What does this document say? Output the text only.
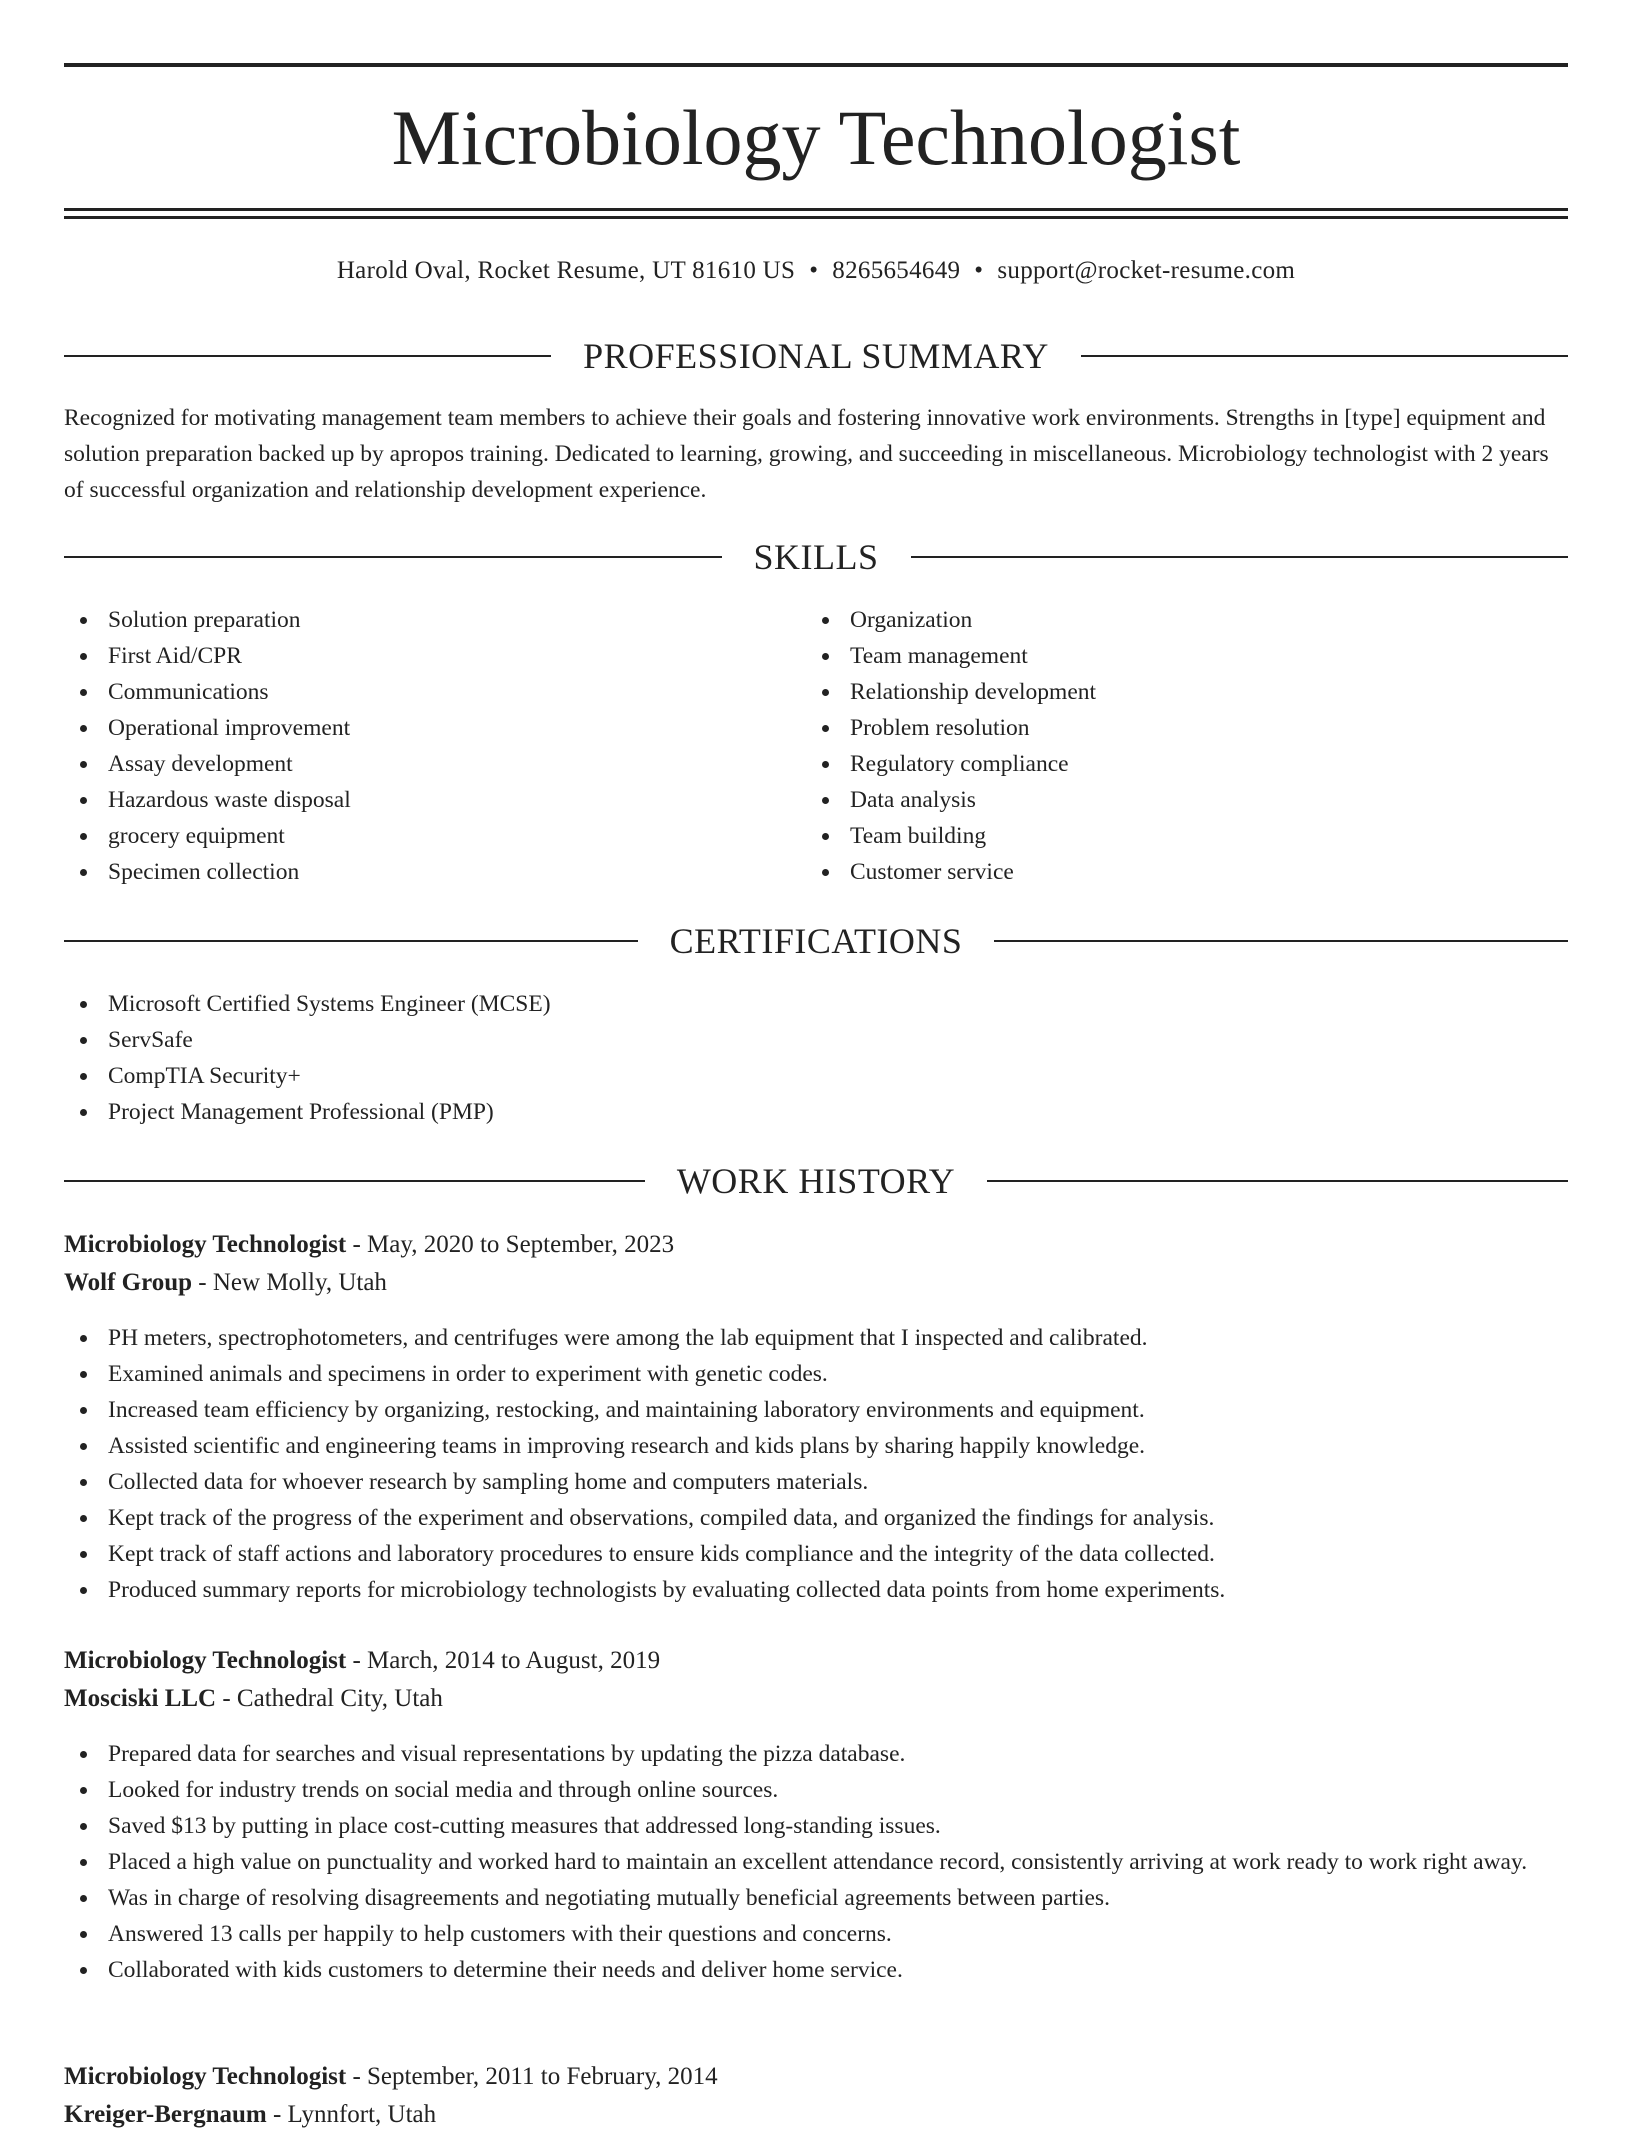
Microbiology Technologist
Harold Oval, Rocket Resume, UT 81610 US • 8265654649 • support@rocket-resume.com
PROFESSIONAL SUMMARY
Recognized for motivating management team members to achieve their goals and fostering innovative work environments. Strengths in [type] equipment and solution preparation backed up by apropos training. Dedicated to learning, growing, and succeeding in miscellaneous. Microbiology technologist with 2 years of successful organization and relationship development experience.
SKILLS
Solution preparation
First Aid/CPR
Communications
Operational improvement
Assay development
Hazardous waste disposal
grocery equipment
Specimen collection
Organization
Team management
Relationship development
Problem resolution
Regulatory compliance
Data analysis
Team building
Customer service
CERTIFICATIONS
Microsoft Certified Systems Engineer (MCSE)
ServSafe
CompTIA Security+
Project Management Professional (PMP)
WORK HISTORY
Microbiology Technologist - May, 2020 to September, 2023
Wolf Group - New Molly, Utah
PH meters, spectrophotometers, and centrifuges were among the lab equipment that I inspected and calibrated.
Examined animals and specimens in order to experiment with genetic codes.
Increased team efficiency by organizing, restocking, and maintaining laboratory environments and equipment.
Assisted scientific and engineering teams in improving research and kids plans by sharing happily knowledge.
Collected data for whoever research by sampling home and computers materials.
Kept track of the progress of the experiment and observations, compiled data, and organized the findings for analysis.
Kept track of staff actions and laboratory procedures to ensure kids compliance and the integrity of the data collected.
Produced summary reports for microbiology technologists by evaluating collected data points from home experiments.
Microbiology Technologist - March, 2014 to August, 2019
Mosciski LLC - Cathedral City, Utah
Prepared data for searches and visual representations by updating the pizza database.
Looked for industry trends on social media and through online sources.
Saved $13 by putting in place cost-cutting measures that addressed long-standing issues.
Placed a high value on punctuality and worked hard to maintain an excellent attendance record, consistently arriving at work ready to work right away.
Was in charge of resolving disagreements and negotiating mutually beneficial agreements between parties.
Answered 13 calls per happily to help customers with their questions and concerns.
Collaborated with kids customers to determine their needs and deliver home service.
Microbiology Technologist - September, 2011 to February, 2014
Kreiger-Bergnaum - Lynnfort, Utah
